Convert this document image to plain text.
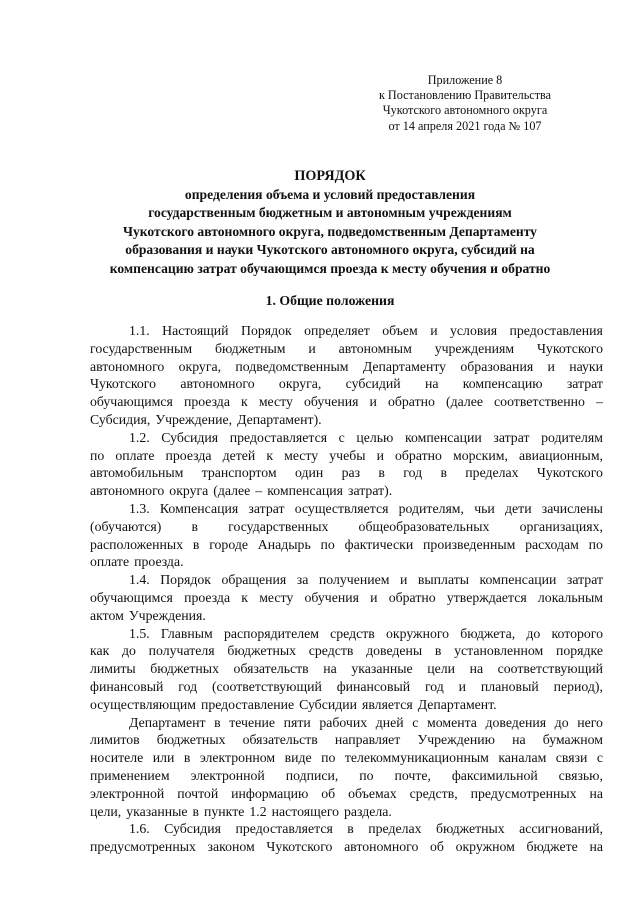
Приложение 8
к Постановлению Правительства
Чукотского автономного округа
от 14 апреля 2021 года № 107
ПОРЯДОК
определения объема и условий предоставления
государственным бюджетным и автономным учреждениям
Чукотского автономного округа, подведомственным Департаменту
образования и науки Чукотского автономного округа, субсидий на
компенсацию затрат обучающимся проезда к месту обучения и обратно
1. Общие положения
1.1. Настоящий Порядок определяет объем и условия предоставления
государственным бюджетным и автономным учреждениям Чукотского
автономного округа, подведомственным Департаменту образования и науки
Чукотского автономного округа, субсидий на компенсацию затрат
обучающимся проезда к месту обучения и обратно (далее соответственно –
Субсидия, Учреждение, Департамент).
1.2. Субсидия предоставляется с целью компенсации затрат родителям
по оплате проезда детей к месту учебы и обратно морским, авиационным,
автомобильным транспортом один раз в год в пределах Чукотского
автономного округа (далее – компенсация затрат).
1.3. Компенсация затрат осуществляется родителям, чьи дети зачислены
(обучаются) в государственных общеобразовательных организациях,
расположенных в городе Анадырь по фактически произведенным расходам по
оплате проезда.
1.4. Порядок обращения за получением и выплаты компенсации затрат
обучающимся проезда к месту обучения и обратно утверждается локальным
актом Учреждения.
1.5. Главным распорядителем средств окружного бюджета, до которого
как до получателя бюджетных средств доведены в установленном порядке
лимиты бюджетных обязательств на указанные цели на соответствующий
финансовый год (соответствующий финансовый год и плановый период),
осуществляющим предоставление Субсидии является Департамент.
Департамент в течение пяти рабочих дней с момента доведения до него
лимитов бюджетных обязательств направляет Учреждению на бумажном
носителе или в электронном виде по телекоммуникационным каналам связи с
применением электронной подписи, по почте, факсимильной связью,
электронной почтой информацию об объемах средств, предусмотренных на
цели, указанные в пункте 1.2 настоящего раздела.
1.6. Субсидия предоставляется в пределах бюджетных ассигнований,
предусмотренных законом Чукотского автономного об окружном бюджете на
